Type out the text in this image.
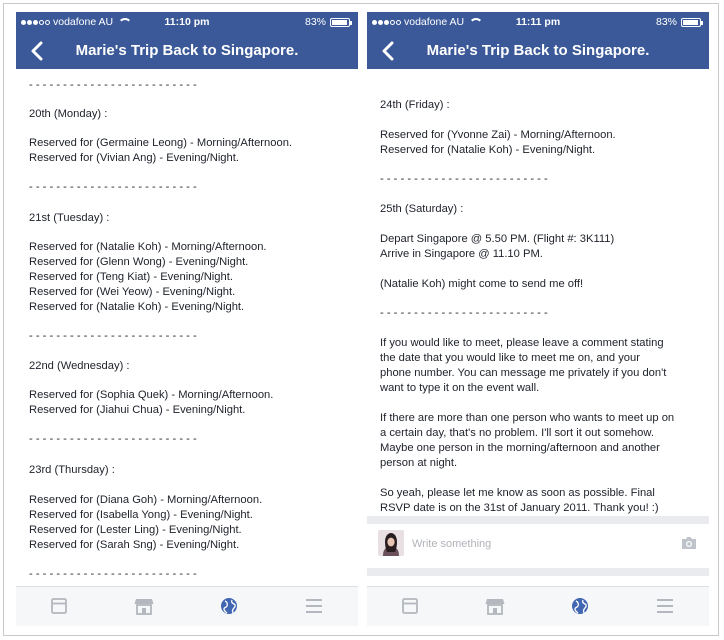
vodafone AU	11:10 pm	83%
Marie's Trip Back to Singapore.
- - - - - - - - - - - - - - - - - - - - - - - - -
20th (Monday) :
Reserved for (Germaine Leong) - Morning/Afternoon.
Reserved for (Vivian Ang) - Evening/Night.
- - - - - - - - - - - - - - - - - - - - - - - - -
21st (Tuesday) :
Reserved for (Natalie Koh) - Morning/Afternoon.
Reserved for (Glenn Wong) - Evening/Night.
Reserved for (Teng Kiat) - Evening/Night.
Reserved for (Wei Yeow) - Evening/Night.
Reserved for (Natalie Koh) - Evening/Night.
- - - - - - - - - - - - - - - - - - - - - - - - -
22nd (Wednesday) :
Reserved for (Sophia Quek) - Morning/Afternoon.
Reserved for (Jiahui Chua) - Evening/Night.
- - - - - - - - - - - - - - - - - - - - - - - - -
23rd (Thursday) :
Reserved for (Diana Goh) - Morning/Afternoon.
Reserved for (Isabella Yong) - Evening/Night.
Reserved for (Lester Ling) - Evening/Night.
Reserved for (Sarah Sng) - Evening/Night.
- - - - - - - - - - - - - - - - - - - - - - - - -
vodafone AU	11:11 pm	83%
Marie's Trip Back to Singapore.
24th (Friday) :
Reserved for (Yvonne Zai) - Morning/Afternoon.
Reserved for (Natalie Koh) - Evening/Night.
- - - - - - - - - - - - - - - - - - - - - - - - -
25th (Saturday) :
Depart Singapore @ 5.50 PM. (Flight #: 3K111)
Arrive in Singapore @ 11.10 PM.
(Natalie Koh) might come to send me off!
- - - - - - - - - - - - - - - - - - - - - - - - -
If you would like to meet, please leave a comment stating
the date that you would like to meet me on, and your
phone number. You can message me privately if you don't
want to type it on the event wall.
If there are more than one person who wants to meet up on
a certain day, that's no problem. I'll sort it out somehow.
Maybe one person in the morning/afternoon and another
person at night.
So yeah, please let me know as soon as possible. Final
RSVP date is on the 31st of January 2011. Thank you! :)
Write something
